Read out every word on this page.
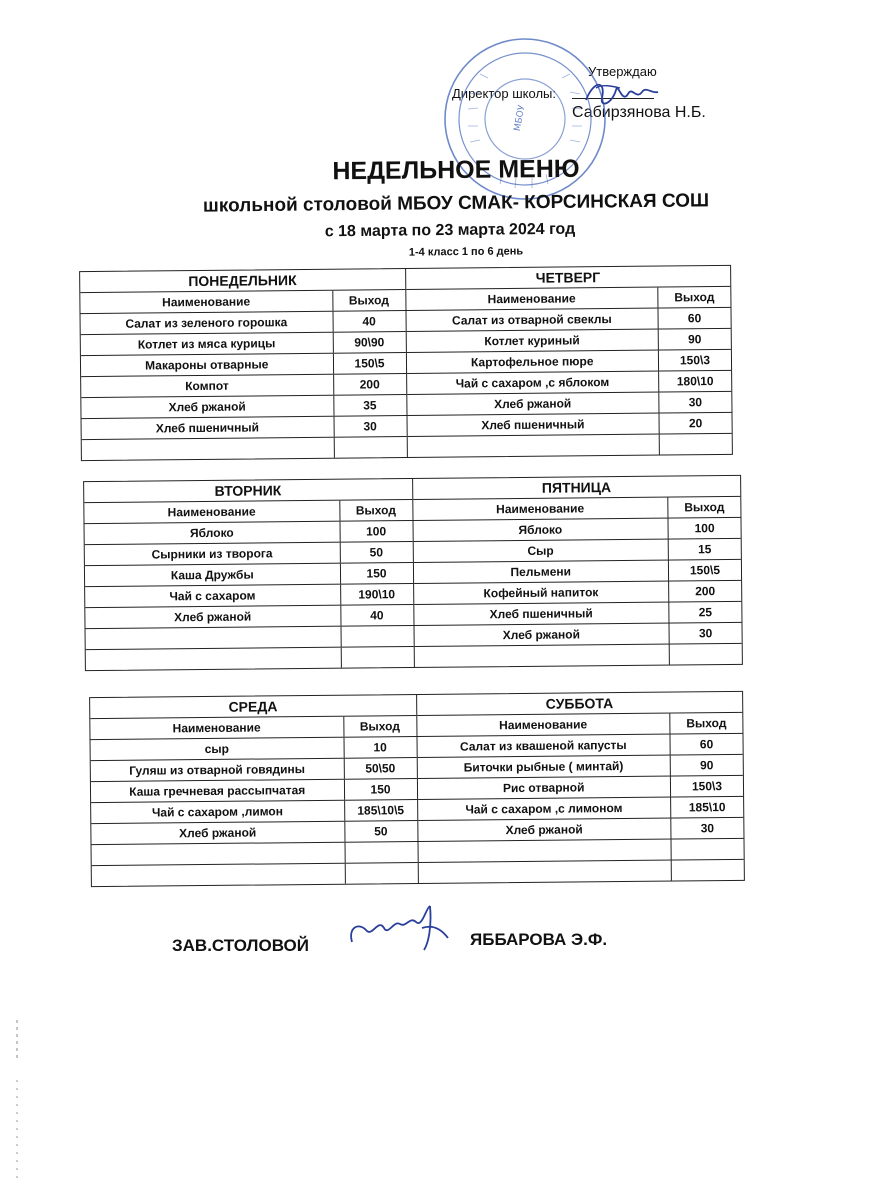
Утверждаю
Директор школы:
Сабирзянова Н.Б.
МБОУ
НЕДЕЛЬНОЕ МЕНЮ
школьной столовой МБОУ СМАК- КОРСИНСКАЯ СОШ
с 18 марта по 23 марта 2024 год
1-4 класс 1 по 6 день
ПОНЕДЕЛЬНИК
Наименование	Выход
Салат из зеленого горошка	40
Котлет из мяса курицы	90\90
Макароны отварные	150\5
Компот	200
Хлеб ржаной	35
Хлеб пшеничный	30
ЧЕТВЕРГ
Наименование	Выход
Салат из отварной свеклы	60
Котлет куриный	90
Картофельное пюре	150\3
Чай с сахаром ,с яблоком	180\10
Хлеб ржаной	30
Хлеб пшеничный	20
ВТОРНИК
Наименование	Выход
Яблоко	100
Сырники из творога	50
Каша Дружбы	150
Чай с сахаром	190\10
Хлеб ржаной	40
ПЯТНИЦА
Наименование	Выход
Яблоко	100
Сыр	15
Пельмени	150\5
Кофейный напиток	200
Хлеб пшеничный	25
Хлеб ржаной	30
СРЕДА
Наименование	Выход
сыр	10
Гуляш из отварной говядины	50\50
Каша гречневая рассыпчатая	150
Чай с сахаром ,лимон	185\10\5
Хлеб ржаной	50
СУББОТА
Наименование	Выход
Салат из квашеной капусты	60
Биточки рыбные ( минтай)	90
Рис отварной	150\3
Чай с сахаром ,с лимоном	185\10
Хлеб ржаной	30
ЗАВ.СТОЛОВОЙ	ЯББАРОВА Э.Ф.
